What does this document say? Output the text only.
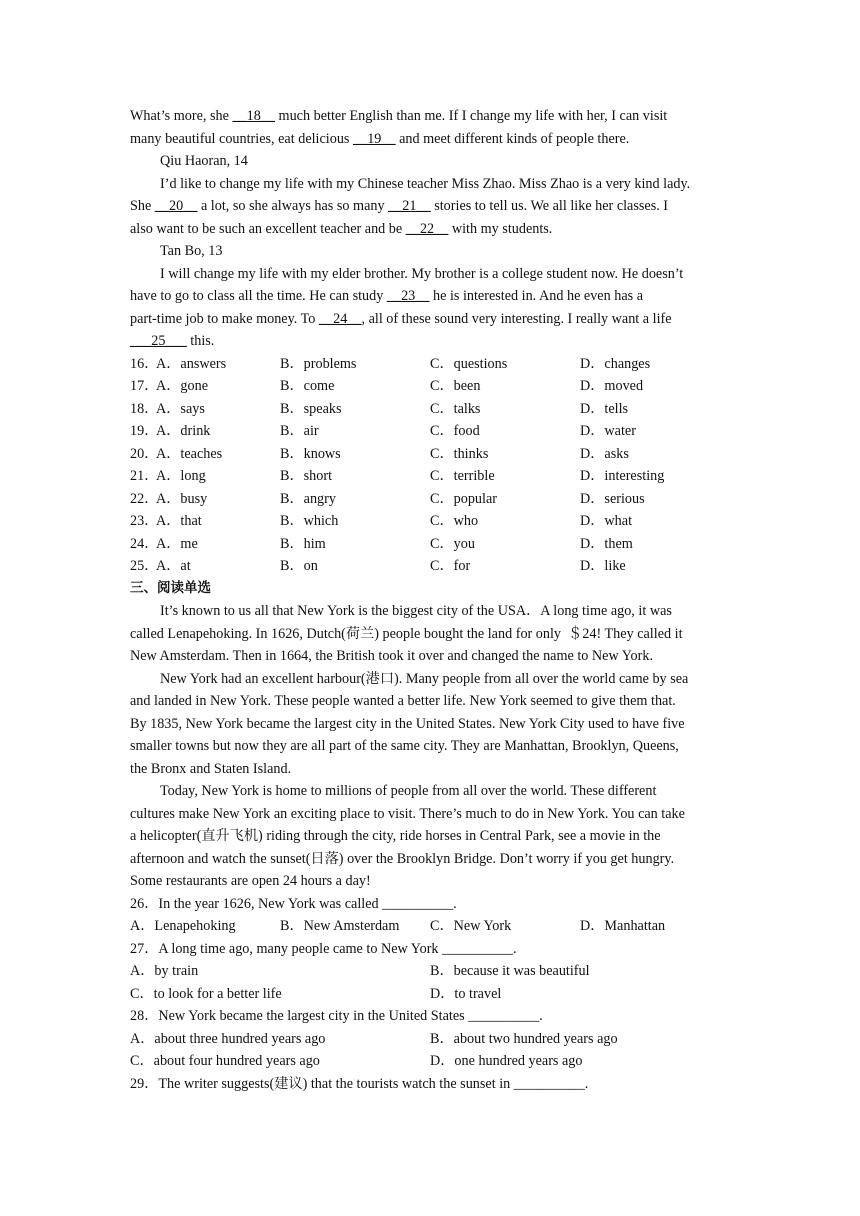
What’s more, she __18__ much better English than me. If I change my life with her, I can visit
many beautiful countries, eat delicious __19__ and meet different kinds of people there.
Qiu Haoran, 14
I’d like to change my life with my Chinese teacher Miss Zhao. Miss Zhao is a very kind lady.
She __20__ a lot, so she always has so many __21__ stories to tell us. We all like her classes. I
also want to be such an excellent teacher and be __22__ with my students.
Tan Bo, 13
I will change my life with my elder brother. My brother is a college student now. He doesn’t
have to go to class all the time. He can study __23__ he is interested in. And he even has a
part-time job to make money. To __24__, all of these sound very interesting. I really want a life
___25___ this.
16．
A．answers	B．problems	C．questions	D．changes
17．
A．gone	B．come	C．been	D．moved
18．
A．says	B．speaks	C．talks	D．tells
19．
A．drink	B．air	C．food	D．water
20．
A．teaches	B．knows	C．thinks	D．asks
21．
A．long	B．short	C．terrible	D．interesting
22．
A．busy	B．angry	C．popular	D．serious
23．
A．that	B．which	C．who	D．what
24．
A．me	B．him	C．you	D．them
25．
A．at	B．on	C．for	D．like
三、阅读单选
It’s known to us all that New York is the biggest city of the USA．A long time ago, it was
called Lenapehoking. In 1626, Dutch(荷兰) people bought the land for only  ＄24! They called it
New Amsterdam. Then in 1664, the British took it over and changed the name to New York.
New York had an excellent harbour(港口). Many people from all over the world came by sea
and landed in New York. These people wanted a better life. New York seemed to give them that.
By 1835, New York became the largest city in the United States. New York City used to have five
smaller towns but now they are all part of the same city. They are Manhattan, Brooklyn, Queens,
the Bronx and Staten Island.
Today, New York is home to millions of people from all over the world. These different
cultures make New York an exciting place to visit. There’s much to do in New York. You can take
a helicopter(直升飞机) riding through the city, ride horses in Central Park, see a movie in the
afternoon and watch the sunset(日落) over the Brooklyn Bridge. Don’t worry if you get hungry.
Some restaurants are open 24 hours a day!
26．In the year 1626, New York was called __________.
A．Lenapehoking	B．New Amsterdam C．New York	D．Manhattan
27．A long time ago, many people came to New York __________.
A．by train	B．because it was beautiful
C．to look for a better life	D．to travel
28．New York became the largest city in the United States __________.
A．about three hundred years ago	B．about two hundred years ago
C．about four hundred years ago	D．one hundred years ago
29．The writer suggests(建议) that the tourists watch the sunset in __________.
